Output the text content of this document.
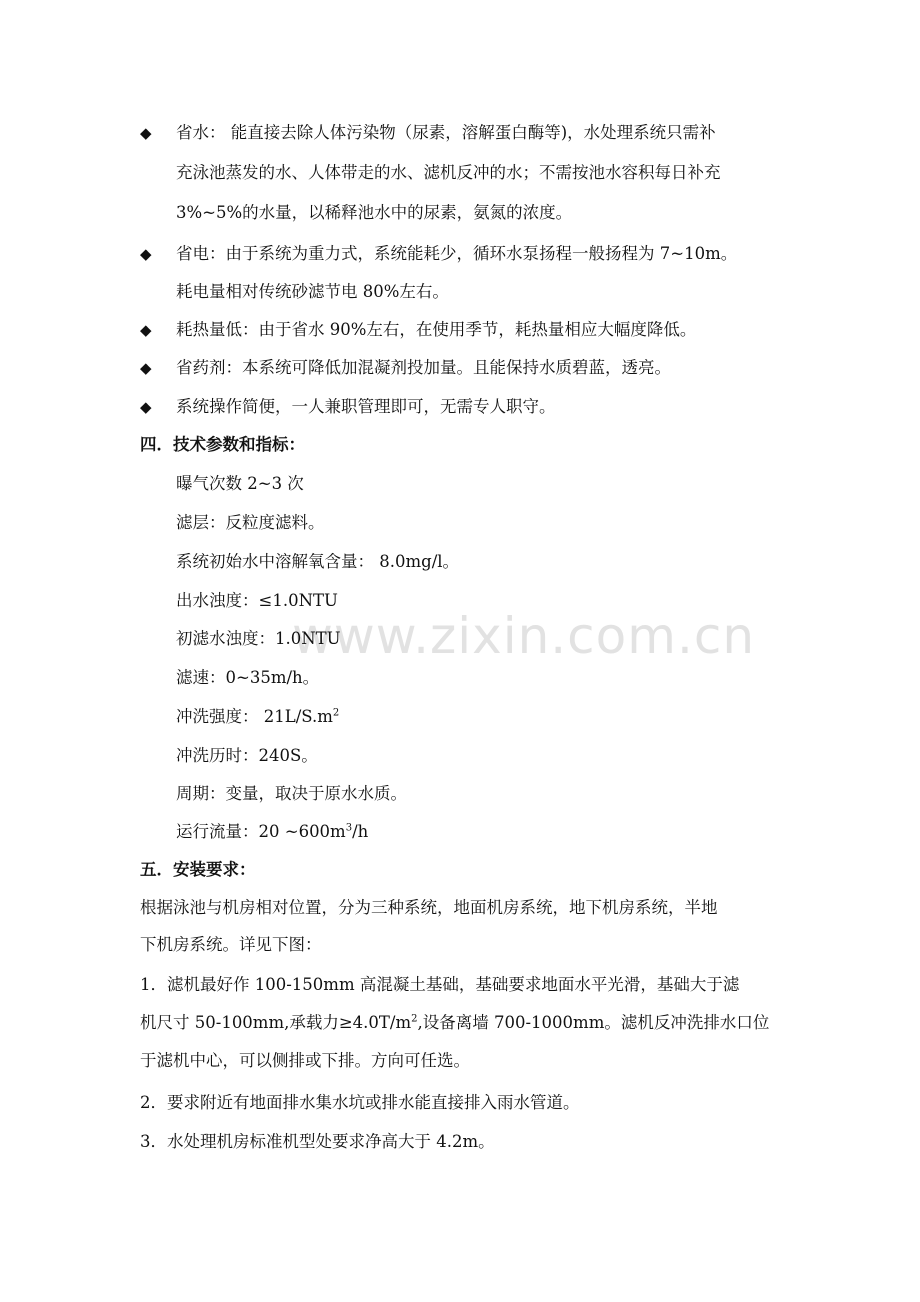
www.zixin.com.cn
◆	省水： 能直接去除人体污染物（尿素，溶解蛋白酶等)，水处理系统只需补
充泳池蒸发的水、人体带走的水、滤机反冲的水；不需按池水容积每日补充
3%~5%的水量，以稀释池水中的尿素，氨氮的浓度。
◆	省电：由于系统为重力式，系统能耗少，循环水泵扬程一般扬程为 7~10m。
耗电量相对传统砂滤节电 80%左右。
◆	耗热量低：由于省水 90%左右，在使用季节，耗热量相应大幅度降低。
◆	省药剂：本系统可降低加混凝剂投加量。且能保持水质碧蓝，透亮。
◆	系统操作简便，一人兼职管理即可，无需专人职守。
四．技术参数和指标：
曝气次数 2~3 次
滤层：反粒度滤料。
系统初始水中溶解氧含量： 8.0mg/l。
出水浊度：≤1.0NTU
初滤水浊度：1.0NTU
滤速：0~35m/h。
冲洗强度： $21L/S.m^2$
冲洗历时：240S。
周期：变量，取决于原水水质。
运行流量：20 $\sim 600m^3/h$
五．安装要求：
根据泳池与机房相对位置，分为三种系统，地面机房系统，地下机房系统，半地
下机房系统。详见下图：
1．滤机最好作 100-150mm 高混凝土基础，基础要求地面水平光滑，基础大于滤
机尺寸 50-100mm,承载力$\ge 4.0T/m^2$,设备离墙 700-1000mm。滤机反冲洗排水口位
于滤机中心，可以侧排或下排。方向可任选。
2．要求附近有地面排水集水坑或排水能直接排入雨水管道。
3．水处理机房标准机型处要求净高大于 4.2m。
